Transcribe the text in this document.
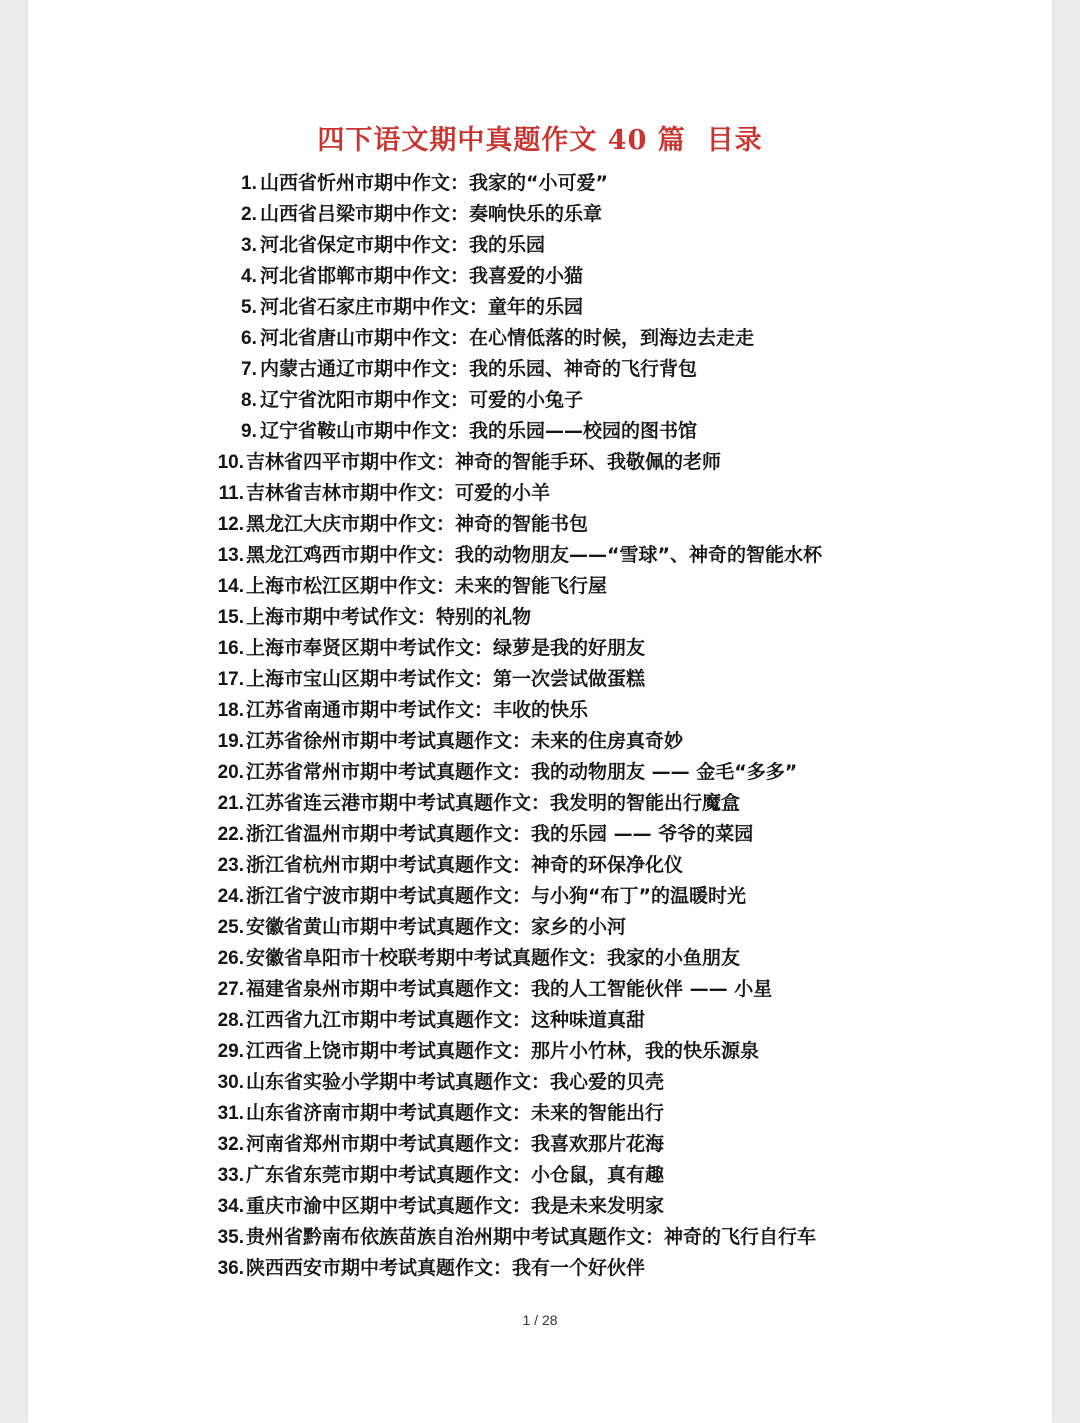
四下语文期中真题作文 40 篇  目录
1. 山西省忻州市期中作文：我家的“小可爱”
2. 山西省吕梁市期中作文：奏响快乐的乐章
3. 河北省保定市期中作文：我的乐园
4. 河北省邯郸市期中作文：我喜爱的小猫
5. 河北省石家庄市期中作文：童年的乐园
6. 河北省唐山市期中作文：在心情低落的时候，到海边去走走
7. 内蒙古通辽市期中作文：我的乐园、神奇的飞行背包
8. 辽宁省沈阳市期中作文：可爱的小兔子
9. 辽宁省鞍山市期中作文：我的乐园——校园的图书馆
10. 吉林省四平市期中作文：神奇的智能手环、我敬佩的老师
11. 吉林省吉林市期中作文：可爱的小羊
12. 黑龙江大庆市期中作文：神奇的智能书包
13. 黑龙江鸡西市期中作文：我的动物朋友——“雪球”、神奇的智能水杯
14. 上海市松江区期中作文：未来的智能飞行屋
15. 上海市期中考试作文：特别的礼物
16. 上海市奉贤区期中考试作文：绿萝是我的好朋友
17. 上海市宝山区期中考试作文：第一次尝试做蛋糕
18. 江苏省南通市期中考试作文：丰收的快乐
19. 江苏省徐州市期中考试真题作文：未来的住房真奇妙
20. 江苏省常州市期中考试真题作文：我的动物朋友 —— 金毛“多多”
21. 江苏省连云港市期中考试真题作文：我发明的智能出行魔盒
22. 浙江省温州市期中考试真题作文：我的乐园 —— 爷爷的菜园
23. 浙江省杭州市期中考试真题作文：神奇的环保净化仪
24. 浙江省宁波市期中考试真题作文：与小狗“布丁”的温暖时光
25. 安徽省黄山市期中考试真题作文：家乡的小河
26. 安徽省阜阳市十校联考期中考试真题作文：我家的小鱼朋友
27. 福建省泉州市期中考试真题作文：我的人工智能伙伴 —— 小星
28. 江西省九江市期中考试真题作文：这种味道真甜
29. 江西省上饶市期中考试真题作文：那片小竹林，我的快乐源泉
30. 山东省实验小学期中考试真题作文：我心爱的贝壳
31. 山东省济南市期中考试真题作文：未来的智能出行
32. 河南省郑州市期中考试真题作文：我喜欢那片花海
33. 广东省东莞市期中考试真题作文：小仓鼠，真有趣
34. 重庆市渝中区期中考试真题作文：我是未来发明家
35. 贵州省黔南布依族苗族自治州期中考试真题作文：神奇的飞行自行车
36. 陕西西安市期中考试真题作文：我有一个好伙伴
1 / 28
